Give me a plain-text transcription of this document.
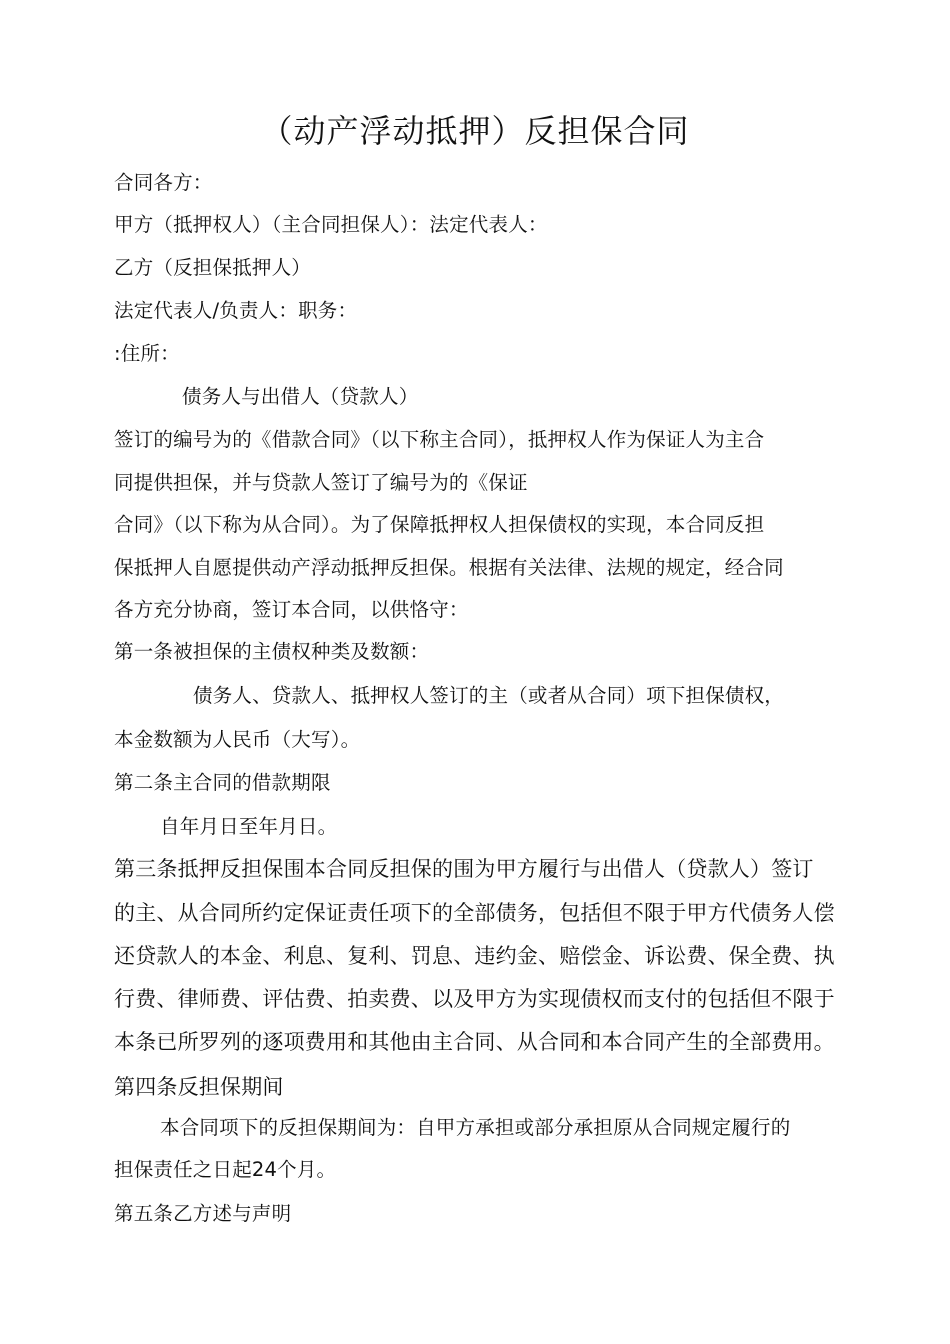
（动产浮动抵押）反担保合同
合同各方：
甲方（抵押权人）（主合同担保人）：法定代表人：
乙方（反担保抵押人）
法定代表人/负责人：职务：
:住所：
债务人与出借人（贷款人）
签订的编号为的《借款合同》（以下称主合同），抵押权人作为保证人为主合
同提供担保，并与贷款人签订了编号为的《保证
合同》（以下称为从合同）。为了保障抵押权人担保债权的实现，本合同反担
保抵押人自愿提供动产浮动抵押反担保。根据有关法律、法规的规定，经合同
各方充分协商，签订本合同，以供恪守：
第一条被担保的主债权种类及数额：
债务人、贷款人、抵押权人签订的主（或者从合同）项下担保债权，
本金数额为人民币（大写）。
第二条主合同的借款期限
自年月日至年月日。
第三条抵押反担保围本合同反担保的围为甲方履行与出借人（贷款人）签订
的主、从合同所约定保证责任项下的全部债务，包括但不限于甲方代债务人偿
还贷款人的本金、利息、复利、罚息、违约金、赔偿金、诉讼费、保全费、执
行费、律师费、评估费、拍卖费、以及甲方为实现债权而支付的包括但不限于
本条已所罗列的逐项费用和其他由主合同、从合同和本合同产生的全部费用。
第四条反担保期间
本合同项下的反担保期间为：自甲方承担或部分承担原从合同规定履行的
担保责任之日起24个月。
第五条乙方述与声明
